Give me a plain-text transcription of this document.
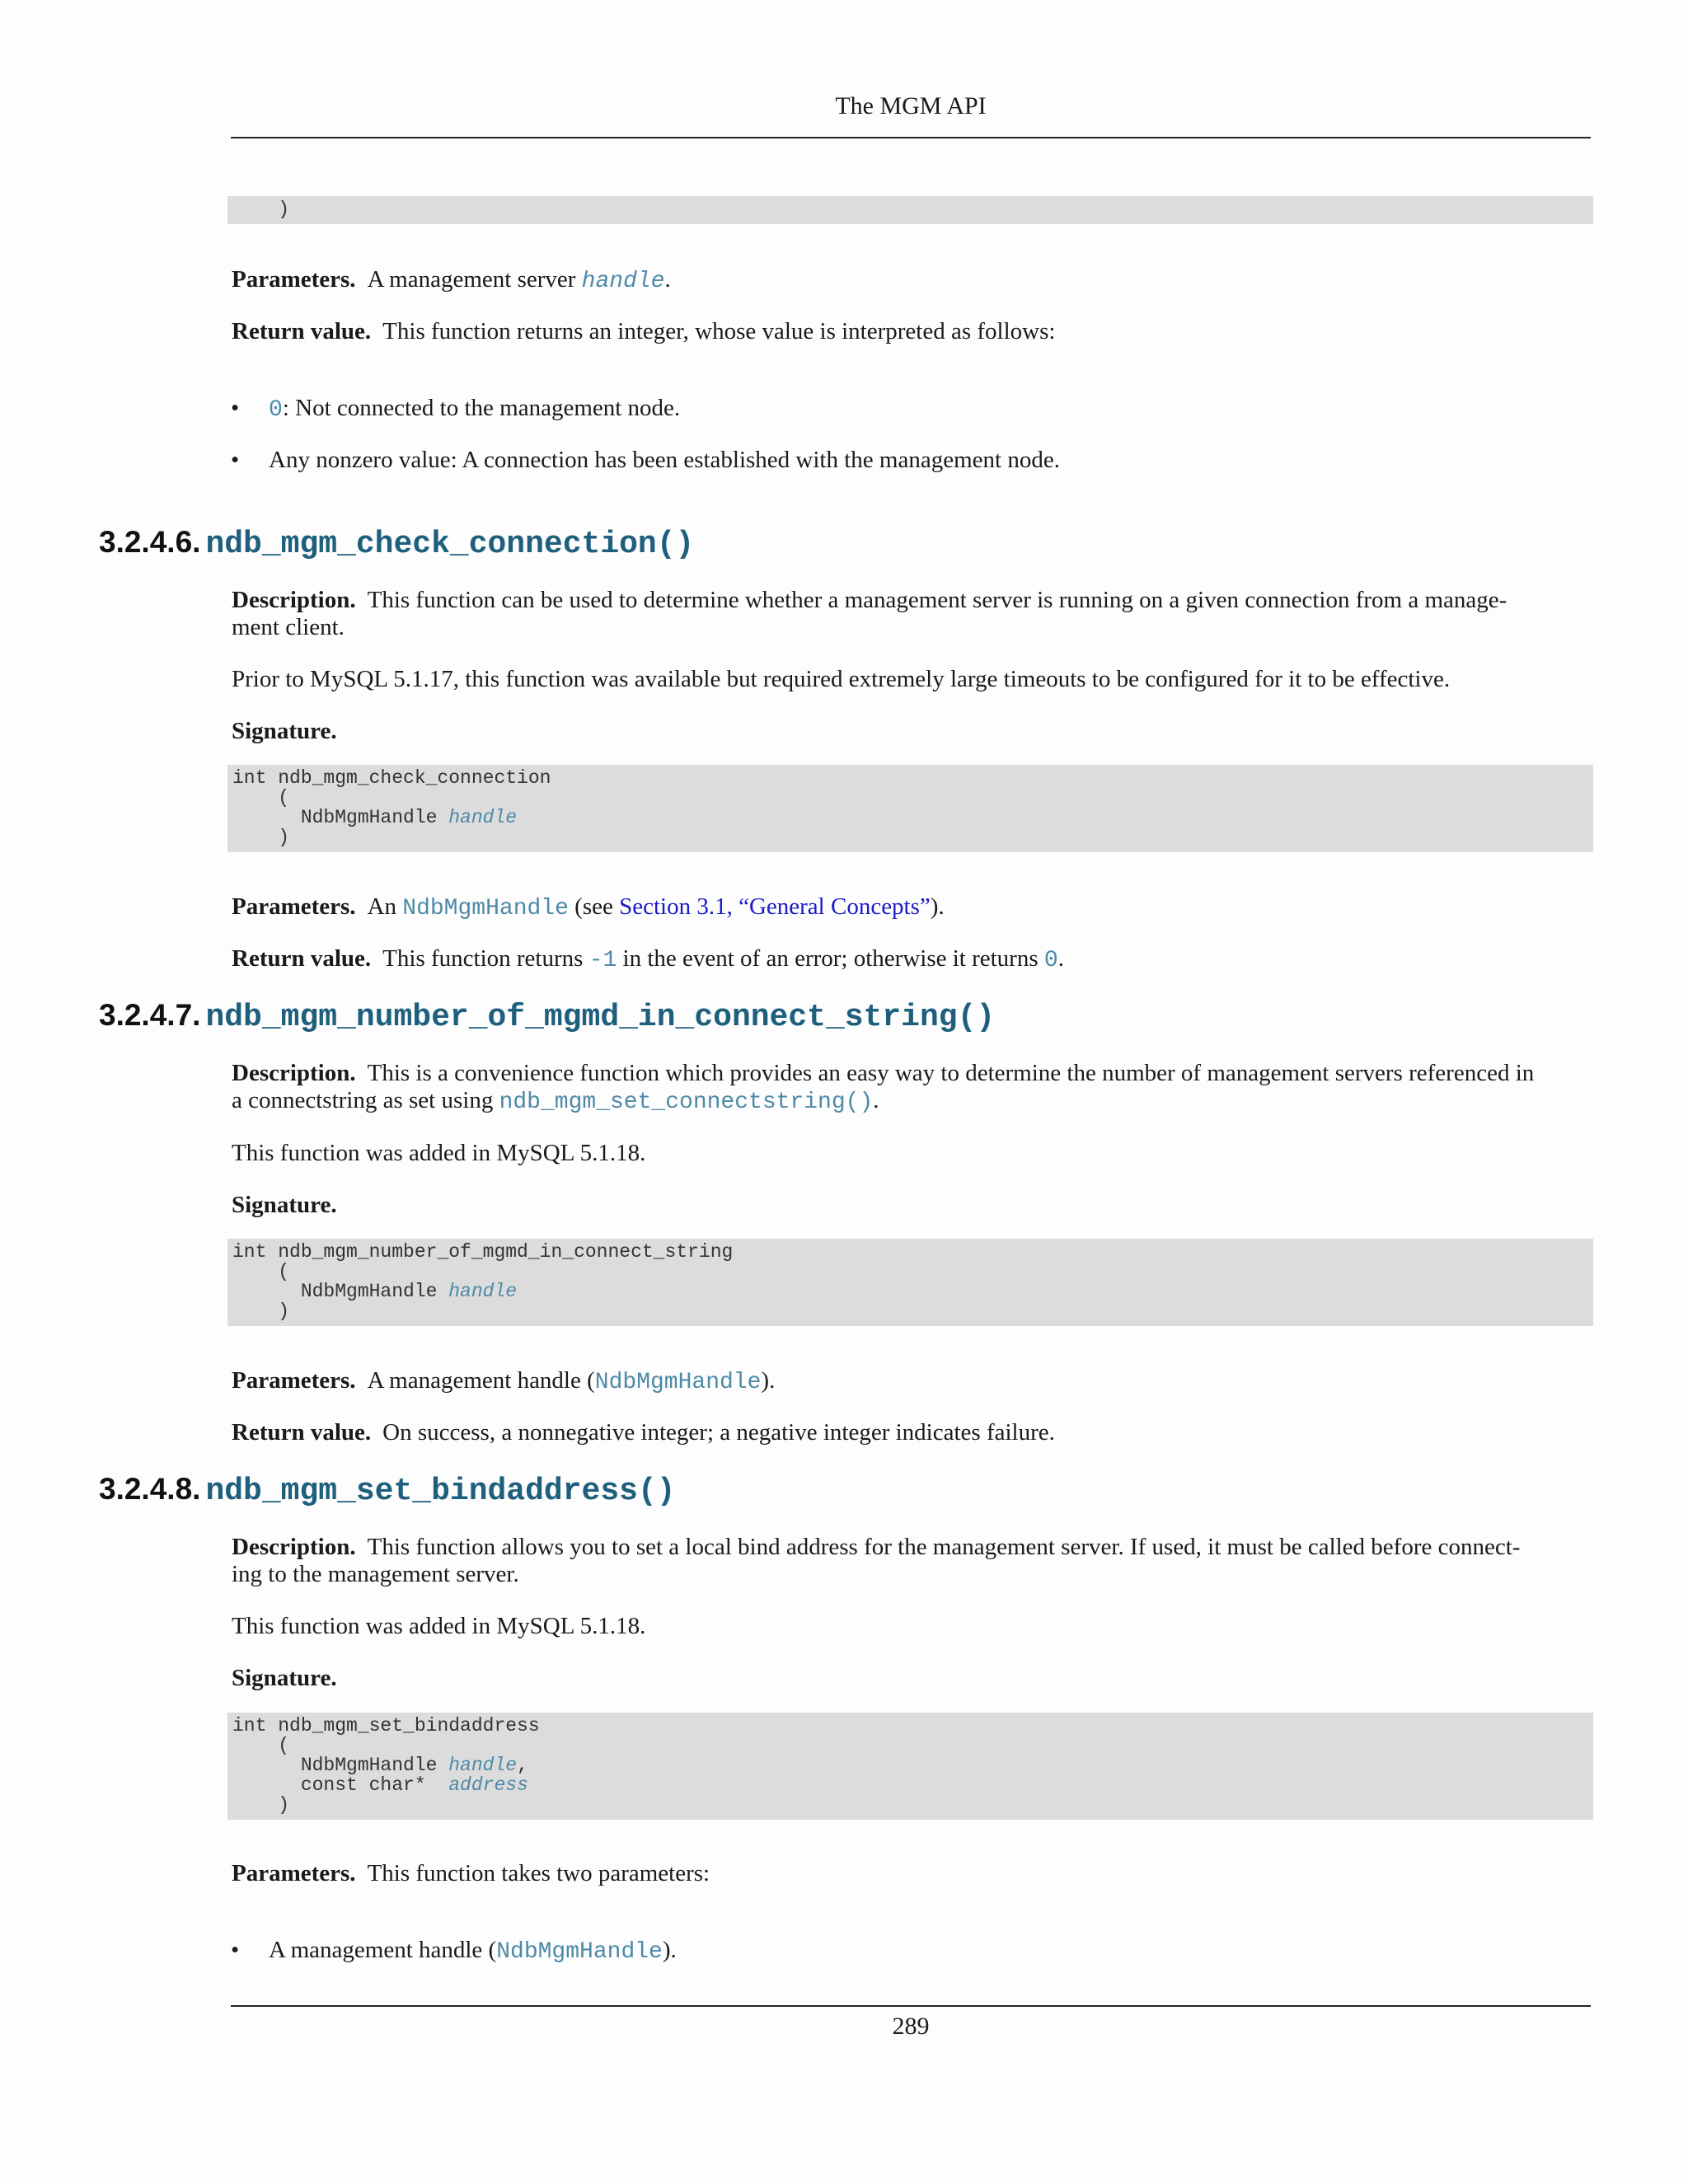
The MGM API
)

Parameters. A management server handle.

Return value. This function returns an integer, whose value is interpreted as follows:

• 0: Not connected to the management node.
• Any nonzero value: A connection has been established with the management node.
3.2.4.6. ndb_mgm_check_connection()

Description. This function can be used to determine whether a management server is running on a given connection from a manage-
ment client.

Prior to MySQL 5.1.17, this function was available but required extremely large timeouts to be configured for it to be effective.

Signature.

int ndb_mgm_check_connection
(
NdbMgmHandle handle
)

Parameters. An NdbMgmHandle (see Section 3.1, “General Concepts”).

Return value. This function returns -1 in the event of an error; otherwise it returns 0.

3.2.4.7. ndb_mgm_number_of_mgmd_in_connect_string()

Description. This is a convenience function which provides an easy way to determine the number of management servers referenced in
a connectstring as set using ndb_mgm_set_connectstring().

This function was added in MySQL 5.1.18.

Signature.

int ndb_mgm_number_of_mgmd_in_connect_string
(
NdbMgmHandle handle
)

Parameters. A management handle (NdbMgmHandle).

Return value. On success, a nonnegative integer; a negative integer indicates failure.

3.2.4.8. ndb_mgm_set_bindaddress()

Description. This function allows you to set a local bind address for the management server. If used, it must be called before connect-
ing to the management server.

This function was added in MySQL 5.1.18.

Signature.

int ndb_mgm_set_bindaddress
(
NdbMgmHandle handle,
const char*  address
)

Parameters. This function takes two parameters:

• A management handle (NdbMgmHandle).
289
